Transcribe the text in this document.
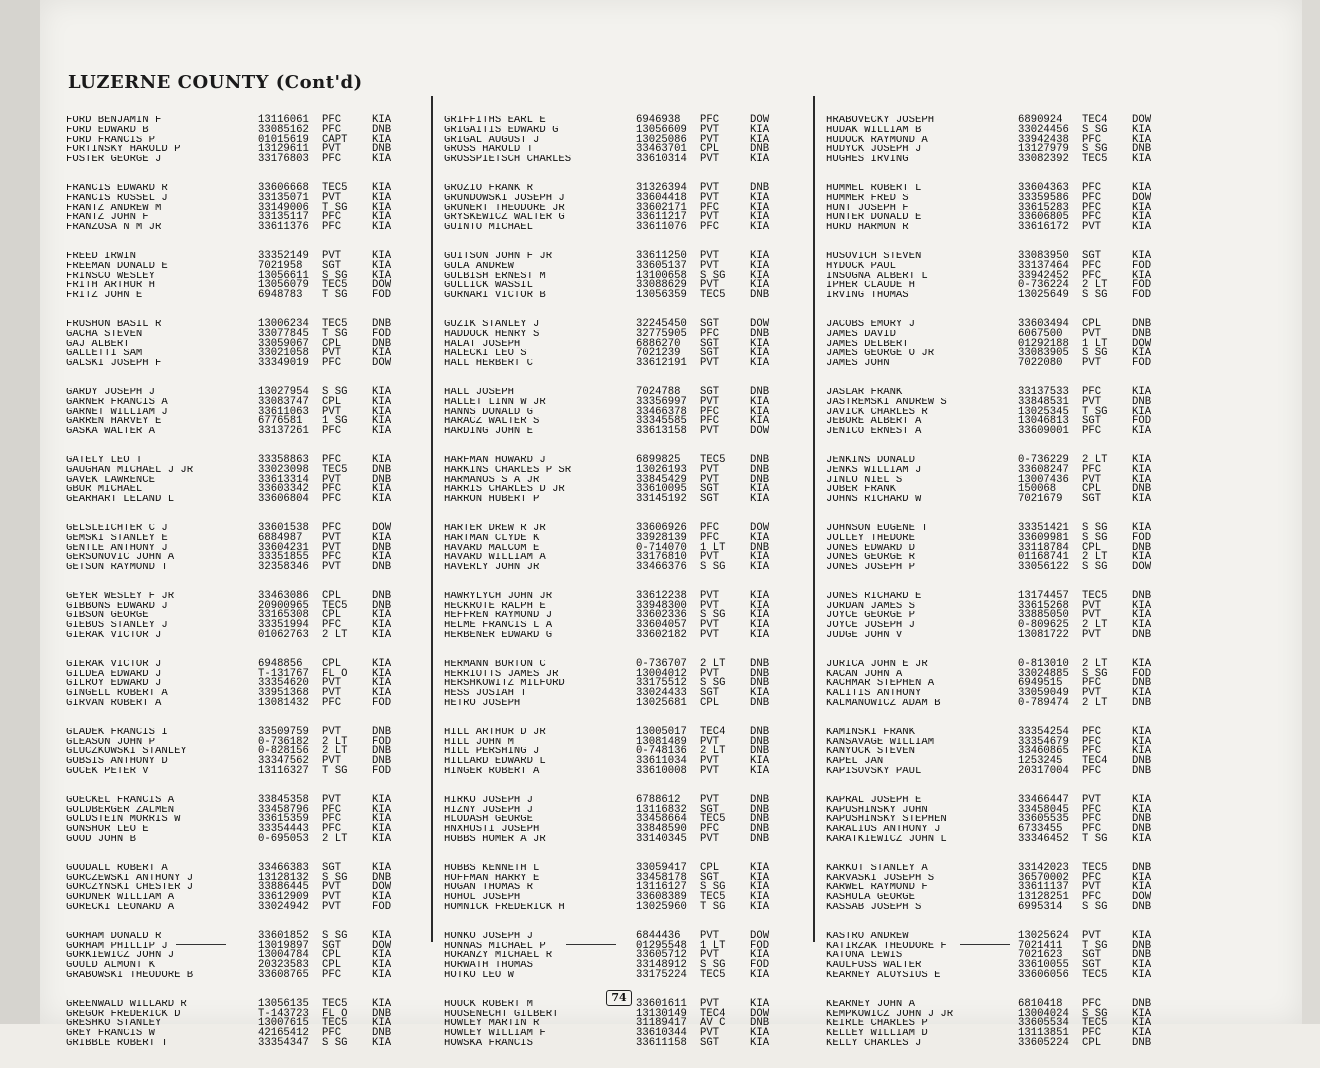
LUZERNE COUNTY (Cont'd)
FORD BENJAMIN F	13116061	PFC	KIA
FORD EDWARD B	33085162	PFC	DNB
FORD FRANCIS P	01015619	CAPT	KIA
FORTINSKY HAROLD P	13129611	PVT	DNB
FOSTER GEORGE J	33176803	PFC	KIA
FRANCIS EDWARD R	33606668	TEC5	KIA
FRANCIS RUSSEL J	33135071	PVT	KIA
FRANTZ ANDREW M	33149006	T SG	KIA
FRANTZ JOHN F	33135117	PFC	KIA
FRANZOSA N M JR	33611376	PFC	KIA
FREED IRWIN	33352149	PVT	KIA
FREEMAN DONALD E	7021958	SGT	KIA
FRINSCO WESLEY	13056611	S SG	KIA
FRITH ARTHUR H	13056079	TEC5	DOW
FRITZ JOHN E	6948783	T SG	FOD
FRUSHON BASIL R	13006234	TEC5	DNB
GACHA STEVEN	33077845	T SG	FOD
GAJ ALBERT	33059067	CPL	DNB
GALLETTI SAM	33021058	PVT	KIA
GALSKI JOSEPH F	33349019	PFC	DOW
GARDY JOSEPH J	13027954	S SG	KIA
GARNER FRANCIS A	33083747	CPL	KIA
GARNET WILLIAM J	33611063	PVT	KIA
GARREN HARVEY E	6776581	1 SG	KIA
GASKA WALTER A	33137261	PFC	KIA
GATELY LEO T	33358863	PFC	KIA
GAUGHAN MICHAEL J JR	33023098	TEC5	DNB
GAVEK LAWRENCE	33613314	PVT	DNB
GBUR MICHAEL	33603342	PFC	KIA
GEARHART LELAND L	33606804	PFC	KIA
GELSLEICHTER C J	33601538	PFC	DOW
GEMSKI STANLEY E	6884987	PVT	KIA
GENTLE ANTHONY J	33604231	PVT	DNB
GERSONOVIC JOHN A	33351855	PFC	KIA
GETSON RAYMOND T	32358346	PVT	DNB
GEYER WESLEY F JR	33463086	CPL	DNB
GIBBONS EDWARD J	20900965	TEC5	DNB
GIBSON GEORGE	33165308	CPL	KIA
GIEBUS STANLEY J	33351994	PFC	KIA
GIERAK VICTOR J	01062763	2 LT	KIA
GIERAK VICTOR J	6948856	CPL	KIA
GILDEA EDWARD J	T-131767	FL O	KIA
GILROY EDWARD J	33354620	PVT	KIA
GINGELL ROBERT A	33951368	PVT	KIA
GIRVAN ROBERT A	13081432	PFC	FOD
GLADEK FRANCIS I	33509759	PVT	DNB
GLEASON JOHN P	0-736182	2 LT	FOD
GLUCZKOWSKI STANLEY	0-828156	2 LT	DNB
GOBSIS ANTHONY D	33347562	PVT	DNB
GOCEK PETER V	13116327	T SG	FOD
GOECKEL FRANCIS A	33845358	PVT	KIA
GOLDBERGER ZALMEN	33458796	PFC	KIA
GOLDSTEIN MORRIS W	33615359	PFC	KIA
GONSHOR LEO E	33354443	PFC	KIA
GOOD JOHN B	0-695053	2 LT	KIA
GOODALL ROBERT A	33466383	SGT	KIA
GORCZEWSKI ANTHONY J	13128132	S SG	DNB
GORCZYNSKI CHESTER J	33886445	PVT	DOW
GORDNER WILLIAM A	33612909	PVT	KIA
GORECKI LEONARD A	33024942	PVT	FOD
GORHAM DONALD R	33601852	S SG	KIA
GORHAM PHILLIP J	13019897	SGT	DOW
GORKIEWICZ JOHN J	13004784	CPL	KIA
GOULD ALMONT K	20323583	CPL	KIA
GRABOWSKI THEODORE B	33608765	PFC	KIA
GREENWALD WILLARD R	13056135	TEC5	KIA
GREGOR FREDERICK D	T-143723	FL O	DNB
GRESHKO STANLEY	13007615	TEC5	KIA
GREY FRANCIS W	42165412	PFC	DNB
GRIBBLE ROBERT T	33354347	S SG	KIA
GRIFFITHS EARL E	6946938	PFC	DOW
GRIGAITIS EDWARD G	13056609	PVT	KIA
GRIGAL AUGUST J	13025086	PVT	KIA
GROSS HAROLD T	33463701	CPL	DNB
GROSSPIETSCH CHARLES	33610314	PVT	KIA
GROZIO FRANK R	31326394	PVT	DNB
GRUNDOWSKI JOSEPH J	33604418	PVT	KIA
GRUNERT THEODORE JR	33602171	PFC	KIA
GRYSKEWICZ WALTER G	33611217	PVT	KIA
GUINTO MICHAEL	33611076	PFC	KIA
GUITSON JOHN F JR	33611250	PVT	KIA
GULA ANDREW	33605137	PVT	KIA
GULBISH ERNEST M	13100658	S SG	KIA
GULLICK WASSIL	33088629	PVT	KIA
GURNARI VICTOR B	13056359	TEC5	DNB
GUZIK STANLEY J	32245450	SGT	DOW
HADDOCK HENRY S	32775905	PFC	DNB
HALAT JOSEPH	6886270	SGT	KIA
HALECKI LEO S	7021239	SGT	KIA
HALL HERBERT C	33612191	PVT	KIA
HALL JOSEPH	7024788	SGT	DNB
HALLET LINN W JR	33356997	PVT	KIA
HANNS DONALD G	33466378	PFC	KIA
HARACZ WALTER S	33345585	PFC	KIA
HARDING JOHN E	33613158	PVT	DOW
HARFMAN HOWARD J	6899825	TEC5	DNB
HARKINS CHARLES P SR	13026193	PVT	DNB
HARMANOS S A JR	33845429	PVT	DNB
HARRIS CHARLES D JR	33610095	SGT	KIA
HARRON HUBERT P	33145192	SGT	KIA
HARTER DREW R JR	33606926	PFC	DOW
HARTMAN CLYDE K	33928139	PFC	KIA
HAVARD MALCOM E	0-714070	1 LT	DNB
HAVARD WILLIAM A	33176810	PVT	KIA
HAVERLY JOHN JR	33466376	S SG	KIA
HAWRYLYCH JOHN JR	33612238	PVT	KIA
HECKROTE RALPH E	33948300	PVT	KIA
HEFFREN RAYMOND J	33602336	S SG	KIA
HELME FRANCIS L A	33604057	PVT	KIA
HERBENER EDWARD G	33602182	PVT	KIA
HERMANN BURTON C	0-736707	2 LT	DNB
HERRIOTTS JAMES JR	13004012	PVT	DNB
HERSHKOWITZ MILFORD	33175512	S SG	DNB
HESS JOSIAH T	33024433	SGT	KIA
HETRO JOSEPH	13025681	CPL	DNB
HILL ARTHUR D JR	13005017	TEC4	DNB
HILL JOHN M	13081489	PVT	DNB
HILL PERSHING J	0-748136	2 LT	DNB
HILLARD EDWARD L	33611034	PVT	KIA
HINGER ROBERT A	33610008	PVT	KIA
HIRKO JOSEPH J	6788612	PVT	DNB
HIZNY JOSEPH J	13116832	SGT	DNB
HLODASH GEORGE	33458664	TEC5	DNB
HNXHUSTI JOSEPH	33848590	PFC	DNB
HOBBS HOMER A JR	33140345	PVT	DNB
HOBBS KENNETH L	33059417	CPL	KIA
HOFFMAN HARRY E	33458178	SGT	KIA
HOGAN THOMAS R	13116127	S SG	KIA
HOHOL JOSEPH	33608389	TEC5	KIA
HOMNICK FREDERICK H	13025960	T SG	KIA
HONKO JOSEPH J	6844436	PVT	DOW
HONNAS MICHAEL P	01295548	1 LT	FOD
HORANZY MICHAEL R	33605712	PVT	KIA
HORWATH THOMAS	33148912	S SG	FOD
HOTKO LEO W	33175224	TEC5	KIA
HOUCK ROBERT M	33601611	PVT	KIA
HOUSENECHT GILBERT	13130149	TEC4	DOW
HOWLEY MARTIN R	31189417	AV C	DNB
HOWLEY WILLIAM F	33610344	PVT	KIA
HOWSKA FRANCIS	33611158	SGT	KIA
HRABOVECKY JOSEPH	6890924	TEC4	DOW
HUDAK WILLIAM B	33024456	S SG	KIA
HUDOCK RAYMOND A	33942438	PFC	KIA
HUDYCK JOSEPH J	13127979	S SG	DNB
HUGHES IRVING	33082392	TEC5	KIA
HUMMEL ROBERT L	33604363	PFC	KIA
HUMMER FRED S	33359586	PFC	DOW
HUNT JOSEPH F	33615283	PFC	KIA
HUNTER DONALD E	33606805	PFC	KIA
HURD HARMON R	33616172	PVT	KIA
HUSOVICH STEVEN	33083950	SGT	KIA
HYDOCK PAUL	33137464	PFC	FOD
INSOGNA ALBERT L	33942452	PFC	KIA
IPHER CLAUDE H	0-736224	2 LT	FOD
IRVING THOMAS	13025649	S SG	FOD
JACOBS EMORY J	33603494	CPL	DNB
JAMES DAVID	6067500	PVT	DNB
JAMES DELBERT	01292188	1 LT	DOW
JAMES GEORGE O JR	33083905	S SG	KIA
JAMES JOHN	7022080	PVT	FOD
JASLAR FRANK	33137533	PFC	KIA
JASTREMSKI ANDREW S	33848531	PVT	DNB
JAVICK CHARLES R	13025345	T SG	KIA
JEBORE ALBERT A	13046813	SGT	FOD
JENICO ERNEST A	33609001	PFC	KIA
JENKINS DONALD	0-736229	2 LT	KIA
JENKS WILLIAM J	33608247	PFC	KIA
JINLO NIEL S	13007436	PVT	KIA
JOBER FRANK	150068	CPL	DNB
JOHNS RICHARD W	7021679	SGT	KIA
JOHNSON EUGENE T	33351421	S SG	KIA
JOLLEY THEDORE	33609981	S SG	FOD
JONES EDWARD D	33118784	CPL	DNB
JONES GEORGE R	01168741	2 LT	KIA
JONES JOSEPH P	33056122	S SG	DOW
JONES RICHARD E	13174457	TEC5	DNB
JORDAN JAMES S	33615268	PVT	KIA
JOYCE GEORGE P	33885050	PVT	KIA
JOYCE JOSEPH J	0-809625	2 LT	KIA
JUDGE JOHN V	13081722	PVT	DNB
JURICA JOHN E JR	0-813010	2 LT	KIA
KACAN JOHN A	33024885	S SG	FOD
KACHMAR STEPHEN A	6949515	PFC	DNB
KALITIS ANTHONY	33059049	PVT	KIA
KALMANOWICZ ADAM B	0-789474	2 LT	DNB
KAMINSKI FRANK	33354254	PFC	KIA
KANSAVAGE WILLIAM	33354679	PFC	KIA
KANYOCK STEVEN	33460865	PFC	KIA
KAPEL JAN	1253245	TEC4	DNB
KAPISOVSKY PAUL	20317004	PFC	DNB
KAPRAL JOSEPH E	33466447	PVT	KIA
KAPUSHINSKY JOHN	33458045	PFC	KIA
KAPUSHINSKY STEPHEN	33605535	PFC	DNB
KARALIUS ANTHONY J	6733455	PFC	DNB
KARATKIEWICZ JOHN L	33346452	T SG	KIA
KARKUT STANLEY A	33142023	TEC5	DNB
KARVASKI JOSEPH S	36570002	PFC	KIA
KARWEL RAYMOND F	33611137	PVT	KIA
KASHULA GEORGE	13128251	PFC	DOW
KASSAB JOSEPH S	6995314	S SG	DNB
KASTRO ANDREW	13025624	PVT	KIA
KATIRZAK THEODORE F	7021411	T SG	DNB
KATONA LEWIS	7021623	SGT	DNB
KAULFUSS WALTER	33610055	SGT	KIA
KEARNEY ALOYSIUS E	33606056	TEC5	KIA
KEARNEY JOHN A	6810418	PFC	DNB
KEMPKOWICZ JOHN J JR	13004024	S SG	KIA
KEIRLE CHARLES P	33605534	TEC5	KIA
KELLEY WILLIAM D	13113851	PFC	KIA
KELLY CHARLES J	33605224	CPL	DNB
74
